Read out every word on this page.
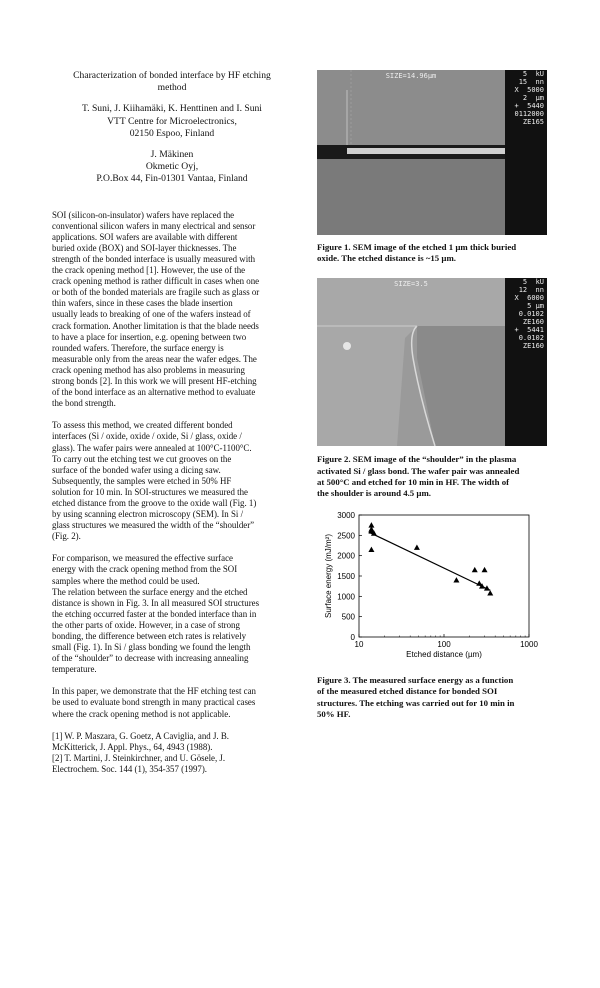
Characterization of bonded interface by HF etching
method
T. Suni, J. Kiihamäki, K. Henttinen and I. Suni
VTT Centre for Microelectronics,
02150 Espoo, Finland
J. Mäkinen
Okmetic Oyj,
P.O.Box 44, Fin-01301 Vantaa, Finland
SOI (silicon-on-insulator) wafers have replaced the
conventional silicon wafers in many electrical and sensor
applications. SOI wafers are available with different
buried oxide (BOX) and SOI-layer thicknesses. The
strength of the bonded interface is usually measured with
the crack opening method [1]. However, the use of the
crack opening method is rather difficult in cases when one
or both of the bonded materials are fragile such as glass or
thin wafers, since in these cases the blade insertion
usually leads to breaking of one of the wafers instead of
crack formation. Another limitation is that the blade needs
to have a place for insertion, e.g. opening between two
rounded wafers. Therefore, the surface energy is
measurable only from the areas near the wafer edges. The
crack opening method has also problems in measuring
strong bonds [2]. In this work we will present HF-etching
of the bond interface as an alternative method to evaluate
the bond strength.
To assess this method, we created different bonded
interfaces (Si / oxide, oxide / oxide, Si / glass, oxide /
glass). The wafer pairs were annealed at 100°C-1100°C.
To carry out the etching test we cut grooves on the
surface of the bonded wafer using a dicing saw.
Subsequently, the samples were etched in 50% HF
solution for 10 min. In SOI-structures we measured the
etched distance from the groove to the oxide wall (Fig. 1)
by using scanning electron microscopy (SEM). In Si /
glass structures we measured the width of the “shoulder”
(Fig. 2).
For comparison, we measured the effective surface
energy with the crack opening method from the SOI
samples where the method could be used.
The relation between the surface energy and the etched
distance is shown in Fig. 3. In all measured SOI structures
the etching occurred faster at the bonded interface than in
the other parts of oxide. However, in a case of strong
bonding, the difference between etch rates is relatively
small (Fig. 1). In Si / glass bonding we found the length
of the “shoulder” to decrease with increasing annealing
temperature.
In this paper, we demonstrate that the HF etching test can
be used to evaluate bond strength in many practical cases
where the crack opening method is not applicable.
[1] W. P. Maszara, G. Goetz, A Caviglia, and J. B.
McKitterick, J. Appl. Phys., 64, 4943 (1988).
[2] T. Martini, J. Steinkirchner, and U. Gösele, J.
Electrochem. Soc. 144 (1), 354-357 (1997).
SIZE=14.96µm	5  kU
15  nn
X  5000
2  µm
+  5440
0112000
ZE165
Figure 1. SEM image of the etched 1 µm thick buried
oxide. The etched distance is ~15 µm.
SIZE=3.5	5  kU
12  nn
X  6000
5 µm
0.0102
ZE160
+  5441
0.0102
ZE160
Figure 2. SEM image of the “shoulder” in the plasma
activated Si / glass bond. The wafer pair was annealed
at 500°C and etched for 10 min in HF. The width of
the shoulder is around 4.5 µm.
0
500
1000
1500
2000
2500
3000
10	100	1000
Etched distance (µm)
Surface energy (mJ/m²)
Figure 3. The measured surface energy as a function
of the measured etched distance for bonded SOI
structures. The etching was carried out for 10 min in
50% HF.
